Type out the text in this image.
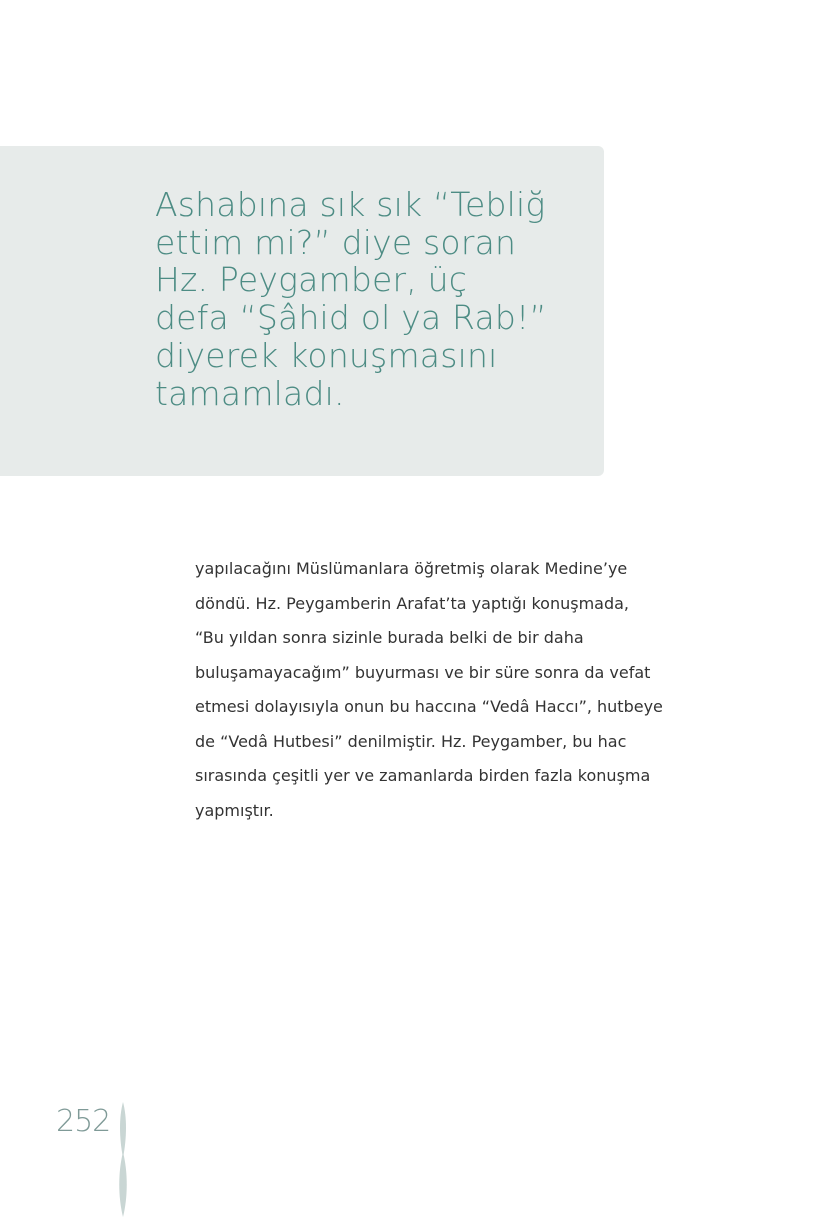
Ashabına sık sık “Tebliğ
ettim mi?” diye soran
Hz. Peygamber, üç
defa “Şâhid ol ya Rab!”
diyerek konuşmasını
tamamladı.
yapılacağını Müslümanlara öğretmiş olarak Medine’ye
döndü. Hz. Peygamberin Arafat’ta yaptığı konuşmada,
“Bu yıldan sonra sizinle burada belki de bir daha
buluşamayacağım” buyurması ve bir süre sonra da vefat
etmesi dolayısıyla onun bu haccına “Vedâ Haccı”, hutbeye
de “Vedâ Hutbesi” denilmiştir. Hz. Peygamber, bu hac
sırasında çeşitli yer ve zamanlarda birden fazla konuşma
yapmıştır.
252
